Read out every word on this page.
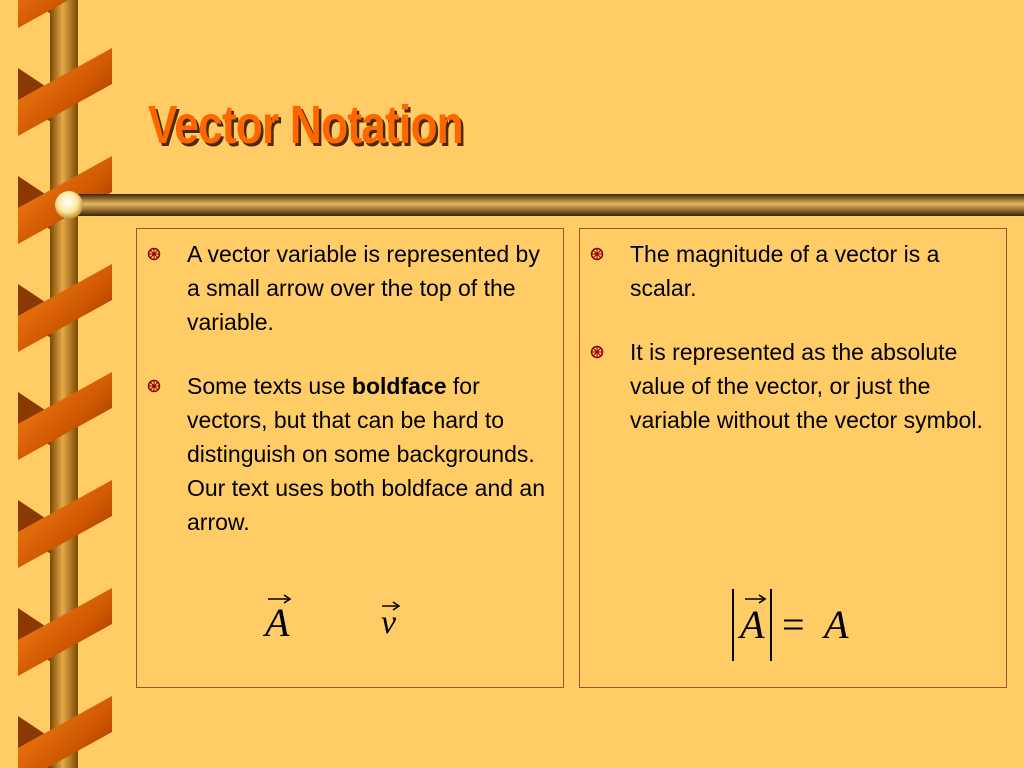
Vector Notation
A vector variable is represented by a small arrow over the top of the variable.
Some texts use boldface for vectors, but that can be hard to distinguish on some backgrounds. Our text uses both boldface and an arrow.
A	v
The magnitude of a vector is a scalar.
It is represented as the absolute value of the vector, or just the variable without the vector symbol.
A = A
